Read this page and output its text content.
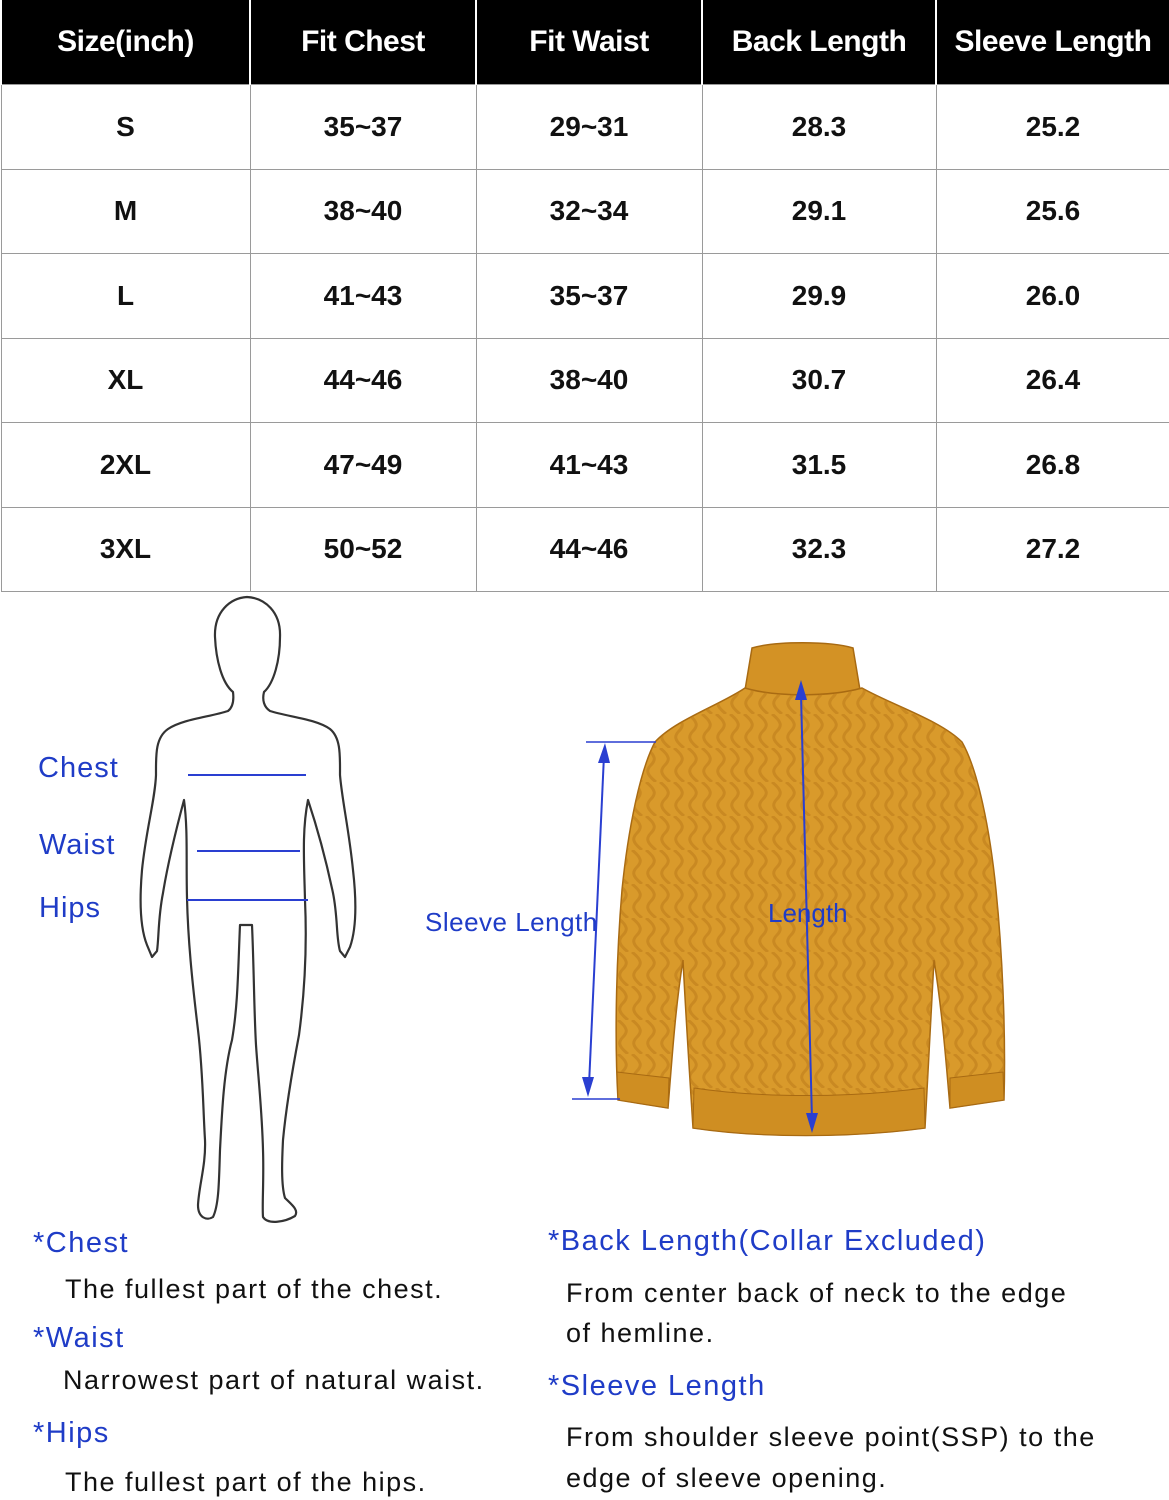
Size(inch)	Fit Chest	Fit Waist	Back Length	Sleeve Length
S	35~37	29~31	28.3	25.2
M	38~40	32~34	29.1	25.6
L	41~43	35~37	29.9	26.0
XL	44~46	38~40	30.7	26.4
2XL	47~49	41~43	31.5	26.8
3XL	50~52	44~46	32.3	27.2
Chest
Waist
Hips	Sleeve Length	Length
*Chest
The fullest part of the chest.
*Waist
Narrowest part of natural waist.
*Hips
The fullest part of the hips.
*Back Length(Collar Excluded)
From center back of neck to the edge
of hemline.
*Sleeve Length
From shoulder sleeve point(SSP) to the
edge of sleeve opening.
